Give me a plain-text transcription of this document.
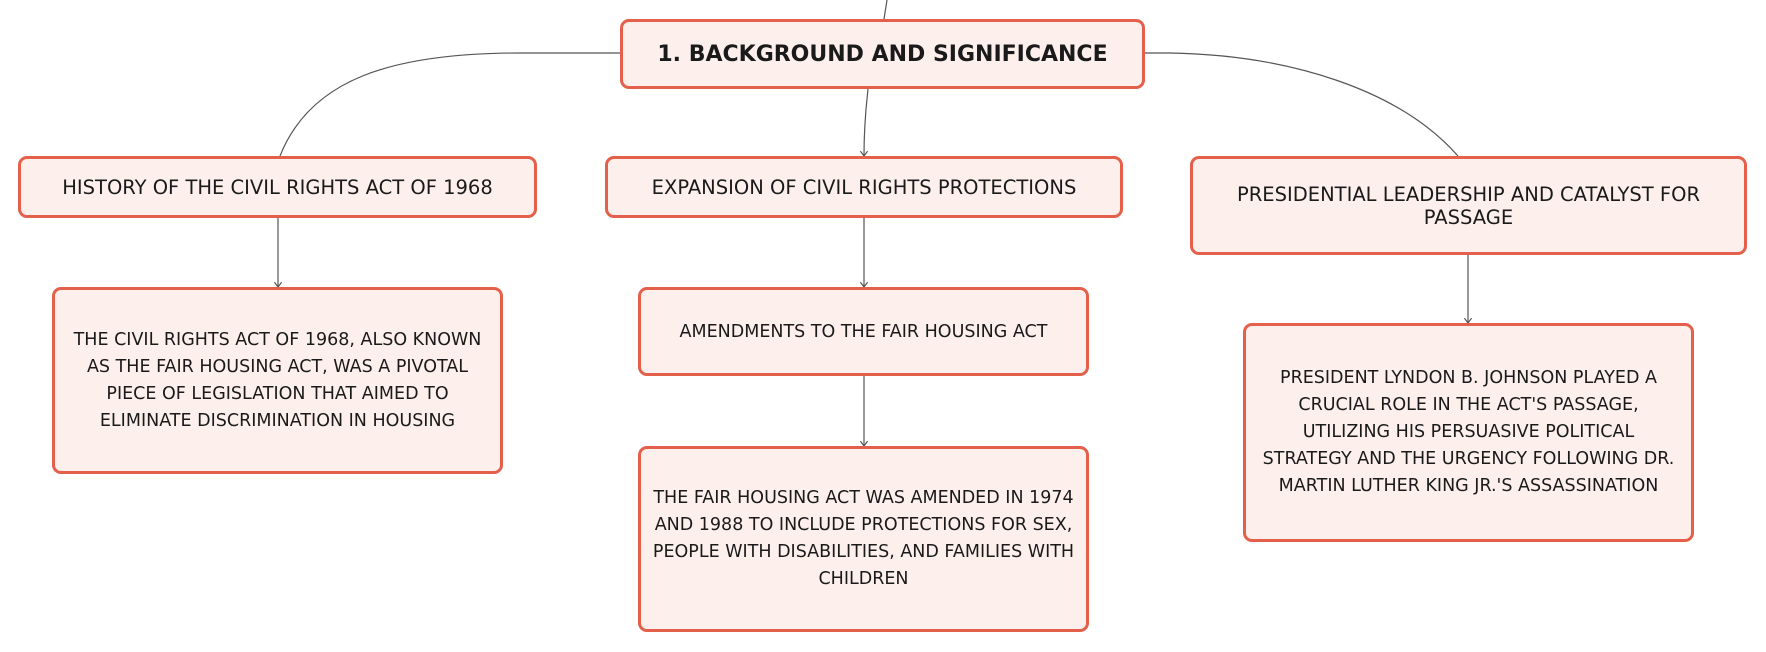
1. BACKGROUND AND SIGNIFICANCE
HISTORY OF THE CIVIL RIGHTS ACT OF 1968	EXPANSION OF CIVIL RIGHTS PROTECTIONS	PRESIDENTIAL LEADERSHIP AND CATALYST FOR PASSAGE
THE CIVIL RIGHTS ACT OF 1968, ALSO KNOWN AS THE FAIR HOUSING ACT, WAS A PIVOTAL PIECE OF LEGISLATION THAT AIMED TO ELIMINATE DISCRIMINATION IN HOUSING
AMENDMENTS TO THE FAIR HOUSING ACT
THE FAIR HOUSING ACT WAS AMENDED IN 1974 AND 1988 TO INCLUDE PROTECTIONS FOR SEX, PEOPLE WITH DISABILITIES, AND FAMILIES WITH CHILDREN
PRESIDENT LYNDON B. JOHNSON PLAYED A CRUCIAL ROLE IN THE ACT'S PASSAGE, UTILIZING HIS PERSUASIVE POLITICAL STRATEGY AND THE URGENCY FOLLOWING DR. MARTIN LUTHER KING JR.'S ASSASSINATION
